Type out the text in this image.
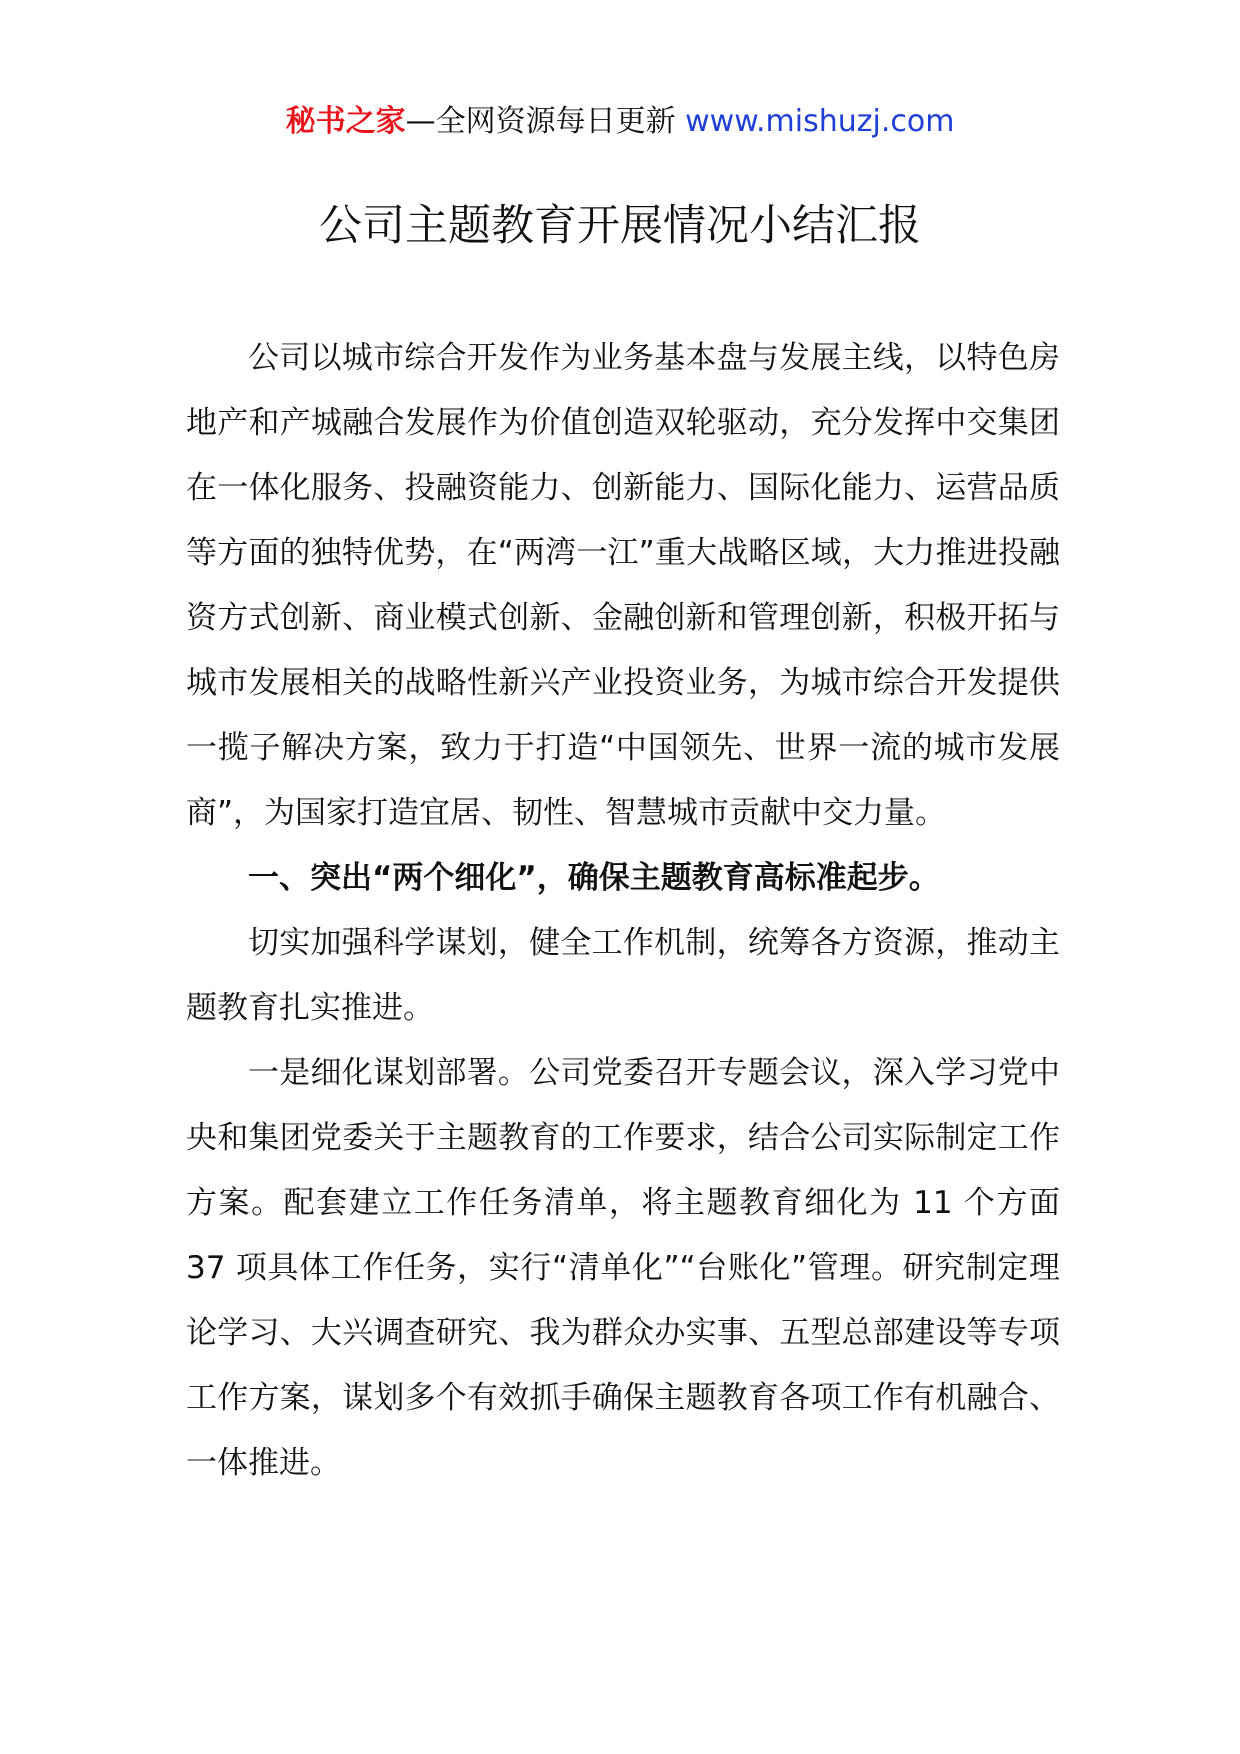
秘书之家—全网资源每日更新 www.mishuzj.com
公司主题教育开展情况小结汇报

公司以城市综合开发作为业务基本盘与发展主线，以特色房地产和产城融合发展作为价值创造双轮驱动，充分发挥中交集团在一体化服务、投融资能力、创新能力、国际化能力、运营品质等方面的独特优势，在“两湾一江”重大战略区域，大力推进投融资方式创新、商业模式创新、金融创新和管理创新，积极开拓与城市发展相关的战略性新兴产业投资业务，为城市综合开发提供一揽子解决方案，致力于打造“中国领先、世界一流的城市发展商”，为国家打造宜居、韧性、智慧城市贡献中交力量。

一、突出“两个细化”，确保主题教育高标准起步。

切实加强科学谋划，健全工作机制，统筹各方资源，推动主题教育扎实推进。

一是细化谋划部署。公司党委召开专题会议，深入学习党中央和集团党委关于主题教育的工作要求，结合公司实际制定工作方案。配套建立工作任务清单，将主题教育细化为 11 个方面 37 项具体工作任务，实行“清单化”“台账化”管理。研究制定理论学习、大兴调查研究、我为群众办实事、五型总部建设等专项工作方案，谋划多个有效抓手确保主题教育各项工作有机融合、一体推进。
